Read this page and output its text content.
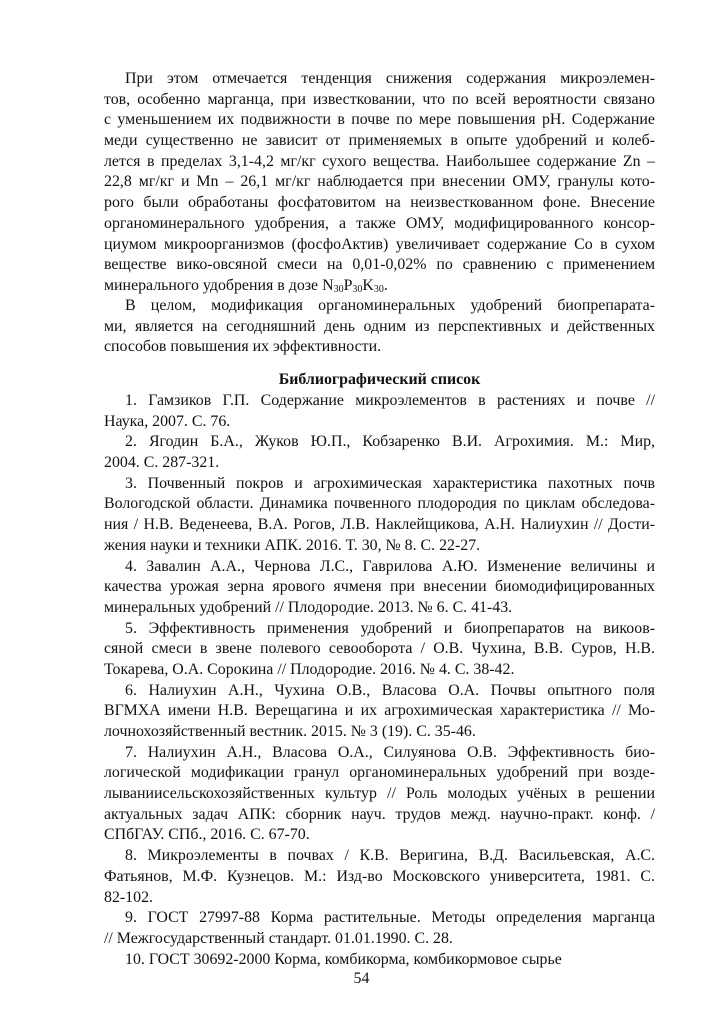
При этом отмечается тенденция снижения содержания микроэлемен-
тов, особенно марганца, при известковании, что по всей вероятности связано
с уменьшением их подвижности в почве по мере повышения pH. Содержание
меди существенно не зависит от применяемых в опыте удобрений и колеб-
лется в пределах 3,1-4,2 мг/кг сухого вещества. Наибольшее содержание Zn –
22,8 мг/кг и Mn – 26,1 мг/кг наблюдается при внесении ОМУ, гранулы кото-
рого были обработаны фосфатовитом на неизвесткованном фоне. Внесение
органоминерального удобрения, а также ОМУ, модифицированного консор-
циумом микроорганизмов (фосфоАктив) увеличивает содержание Со в сухом
веществе вико-овсяной смеси на 0,01-0,02% по сравнению с применением
минерального удобрения в дозе $N_{30}P_{30}K_{30}$.
В целом, модификация органоминеральных удобрений биопрепарата-
ми, является на сегодняшний день одним из перспективных и действенных
способов повышения их эффективности.
Библиографический список
1. Гамзиков Г.П. Содержание микроэлементов в растениях и почве //
Наука, 2007. С. 76.
2. Ягодин Б.А., Жуков Ю.П., Кобзаренко В.И. Агрохимия. М.: Мир,
2004. С. 287-321.
3. Почвенный покров и агрохимическая характеристика пахотных почв
Вологодской области. Динамика почвенного плодородия по циклам обследова-
ния / Н.В. Веденеева, В.А. Рогов, Л.В. Наклейщикова, А.Н. Налиухин // Дости-
жения науки и техники АПК. 2016. Т. 30, № 8. С. 22-27.
4. Завалин А.А., Чернова Л.С., Гаврилова А.Ю. Изменение величины и
качества урожая зерна ярового ячменя при внесении биомодифицированных
минеральных удобрений // Плодородие. 2013. № 6. С. 41-43.
5. Эффективность применения удобрений и биопрепаратов на викоов-
сяной смеси в звене полевого севооборота / О.В. Чухина, В.В. Суров, Н.В.
Токарева, О.А. Сорокина // Плодородие. 2016. № 4. С. 38-42.
6. Налиухин А.Н., Чухина О.В., Власова О.А. Почвы опытного поля
ВГМХА имени Н.В. Верещагина и их агрохимическая характеристика // Мо-
лочнохозяйственный вестник. 2015. № 3 (19). С. 35-46.
7. Налиухин А.Н., Власова О.А., Силуянова О.В. Эффективность био-
логической модификации гранул органоминеральных удобрений при возде-
лываниисельскохозяйственных культур // Роль молодых учёных в решении
актуальных задач АПК: сборник науч. трудов межд. научно-практ. конф. /
СПбГАУ. СПб., 2016. С. 67-70.
8. Микроэлементы в почвах / К.В. Веригина, В.Д. Васильевская, А.С.
Фатьянов, М.Ф. Кузнецов. М.: Изд-во Московского университета, 1981. С.
82-102.
9. ГОСТ 27997-88 Корма растительные. Методы определения марганца
// Межгосударственный стандарт. 01.01.1990. С. 28.
10. ГОСТ 30692-2000 Корма, комбикорма, комбикормовое сырье
54
